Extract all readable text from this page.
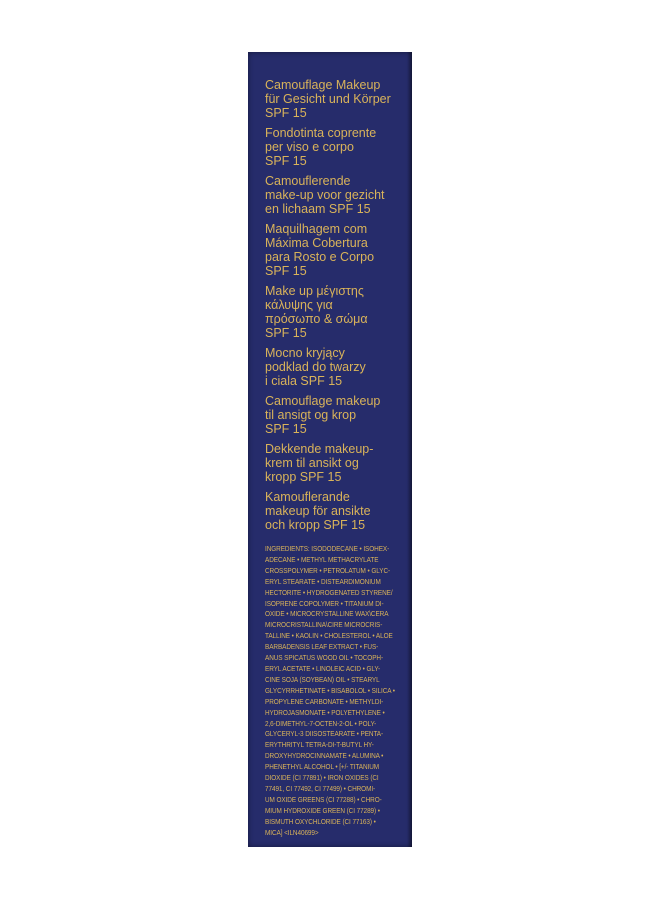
Camouflage Makeup
für Gesicht und Körper
SPF 15
Fondotinta coprente
per viso e corpo
SPF 15
Camouflerende
make-up voor gezicht
en lichaam SPF 15
Maquilhagem com
Máxima Cobertura
para Rosto e Corpo
SPF 15
Make up μέγιστης
κάλυψης για
πρόσωπο & σώμα
SPF 15
Mocno kryjący
podklad do twarzy
i ciala SPF 15
Camouflage makeup
til ansigt og krop
SPF 15
Dekkende makeup-
krem til ansikt og
kropp SPF 15
Kamouflerande
makeup för ansikte
och kropp SPF 15
INGREDIENTS: ISODODECANE • ISOHEX-
ADECANE • METHYL METHACRYLATE
CROSSPOLYMER • PETROLATUM • GLYC-
ERYL STEARATE • DISTEARDIMONIUM
HECTORITE • HYDROGENATED STYRENE/
ISOPRENE COPOLYMER • TITANIUM DI-
OXIDE • MICROCRYSTALLINE WAX\CERA
MICROCRISTALLINA\CIRE MICROCRIS-
TALLINE • KAOLIN • CHOLESTEROL • ALOE
BARBADENSIS LEAF EXTRACT • FUS-
ANUS SPICATUS WOOD OIL • TOCOPH-
ERYL ACETATE • LINOLEIC ACID • GLY-
CINE SOJA (SOYBEAN) OIL • STEARYL
GLYCYRRHETINATE • BISABOLOL • SILICA •
PROPYLENE CARBONATE • METHYLDI-
HYDROJASMONATE • POLYETHYLENE •
2,6-DIMETHYL-7-OCTEN-2-OL • POLY-
GLYCERYL-3 DIISOSTEARATE • PENTA-
ERYTHRITYL TETRA-DI-T-BUTYL HY-
DROXYHYDROCINNAMATE • ALUMINA •
PHENETHYL ALCOHOL • [+/- TITANIUM
DIOXIDE (CI 77891) • IRON OXIDES (CI
77491, CI 77492, CI 77499) • CHROMI-
UM OXIDE GREENS (CI 77288) • CHRO-
MIUM HYDROXIDE GREEN (CI 77289) •
BISMUTH OXYCHLORIDE (CI 77163) •
MICA] <ILN40699>
